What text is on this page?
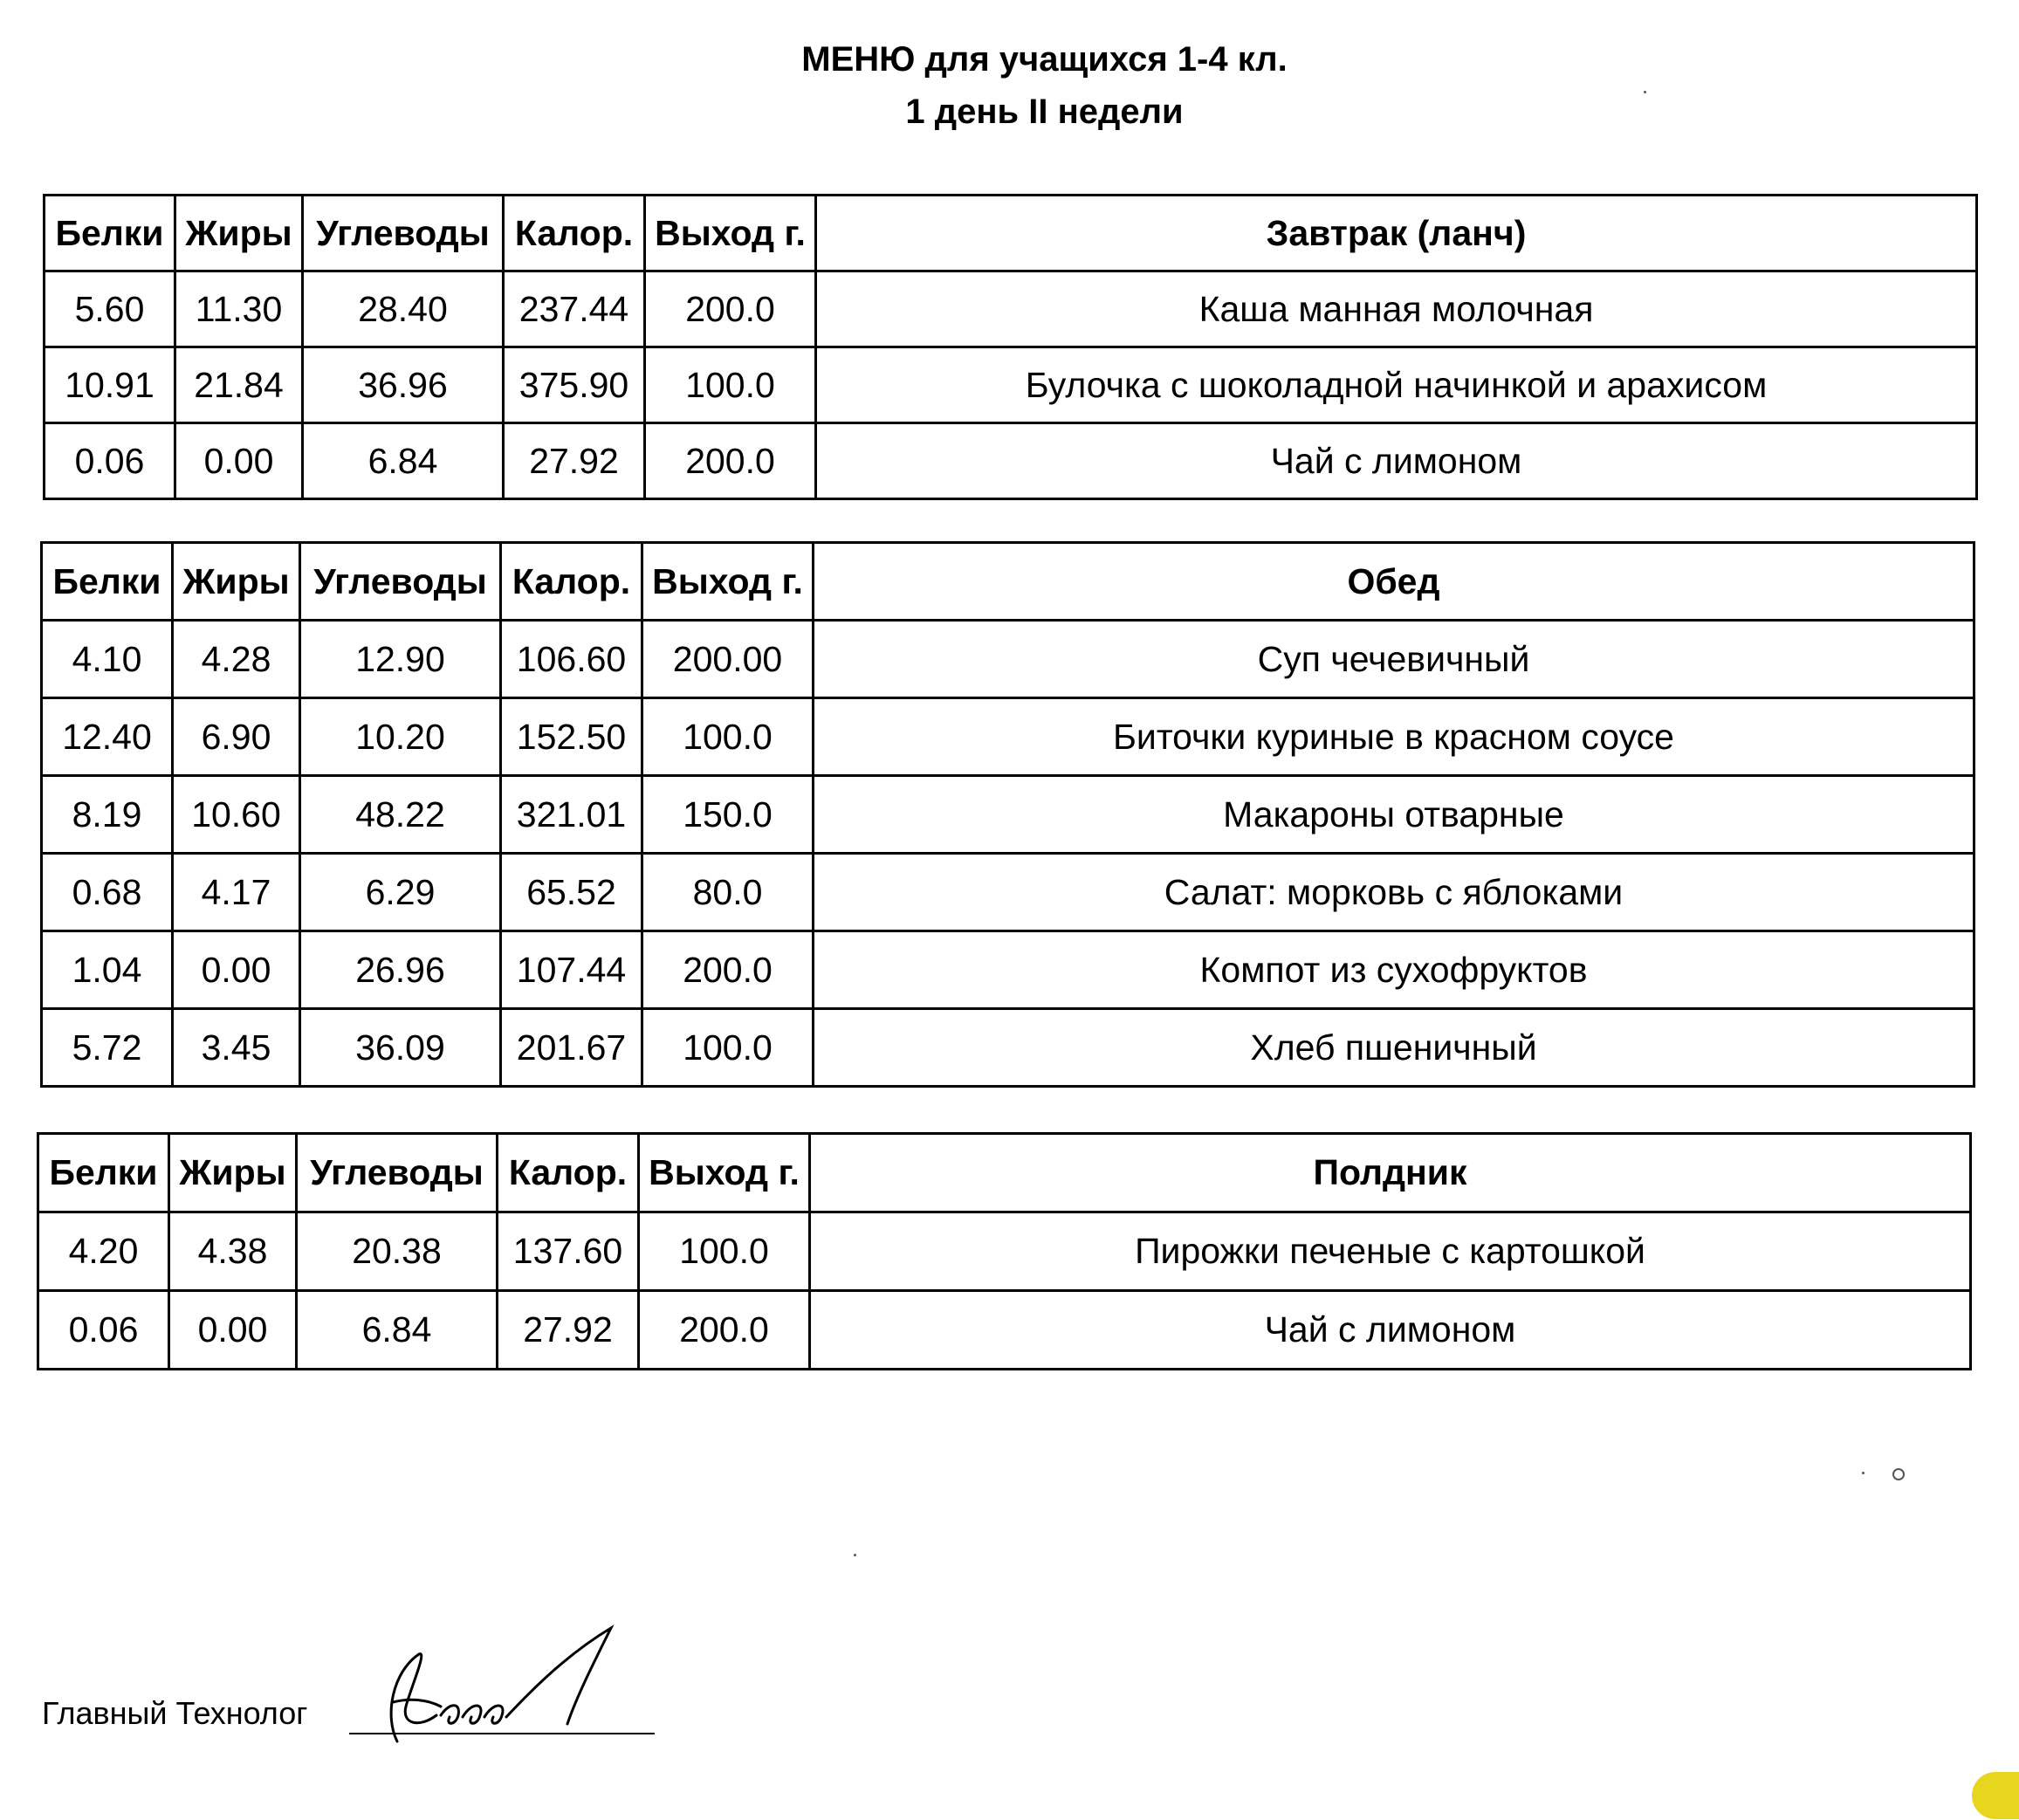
МЕНЮ для учащихся 1-4 кл.
1 день II недели
Белки	Жиры	Углеводы	Калор.	Выход г.	Завтрак (ланч)
5.60	11.30	28.40	237.44	200.0	Каша манная молочная
10.91	21.84	36.96	375.90	100.0	Булочка с шоколадной начинкой и арахисом
0.06	0.00	6.84	27.92	200.0	Чай с лимоном
Белки	Жиры	Углеводы	Калор.	Выход г.	Обед
4.10	4.28	12.90	106.60	200.00	Суп чечевичный
12.40	6.90	10.20	152.50	100.0	Биточки куриные в красном соусе
8.19	10.60	48.22	321.01	150.0	Макароны отварные
0.68	4.17	6.29	65.52	80.0	Салат: морковь с яблоками
1.04	0.00	26.96	107.44	200.0	Компот из сухофруктов
5.72	3.45	36.09	201.67	100.0	Хлеб пшеничный
Белки	Жиры	Углеводы	Калор.	Выход г.	Полдник
4.20	4.38	20.38	137.60	100.0	Пирожки печеные с картошкой
0.06	0.00	6.84	27.92	200.0	Чай с лимоном
Главный Технолог
